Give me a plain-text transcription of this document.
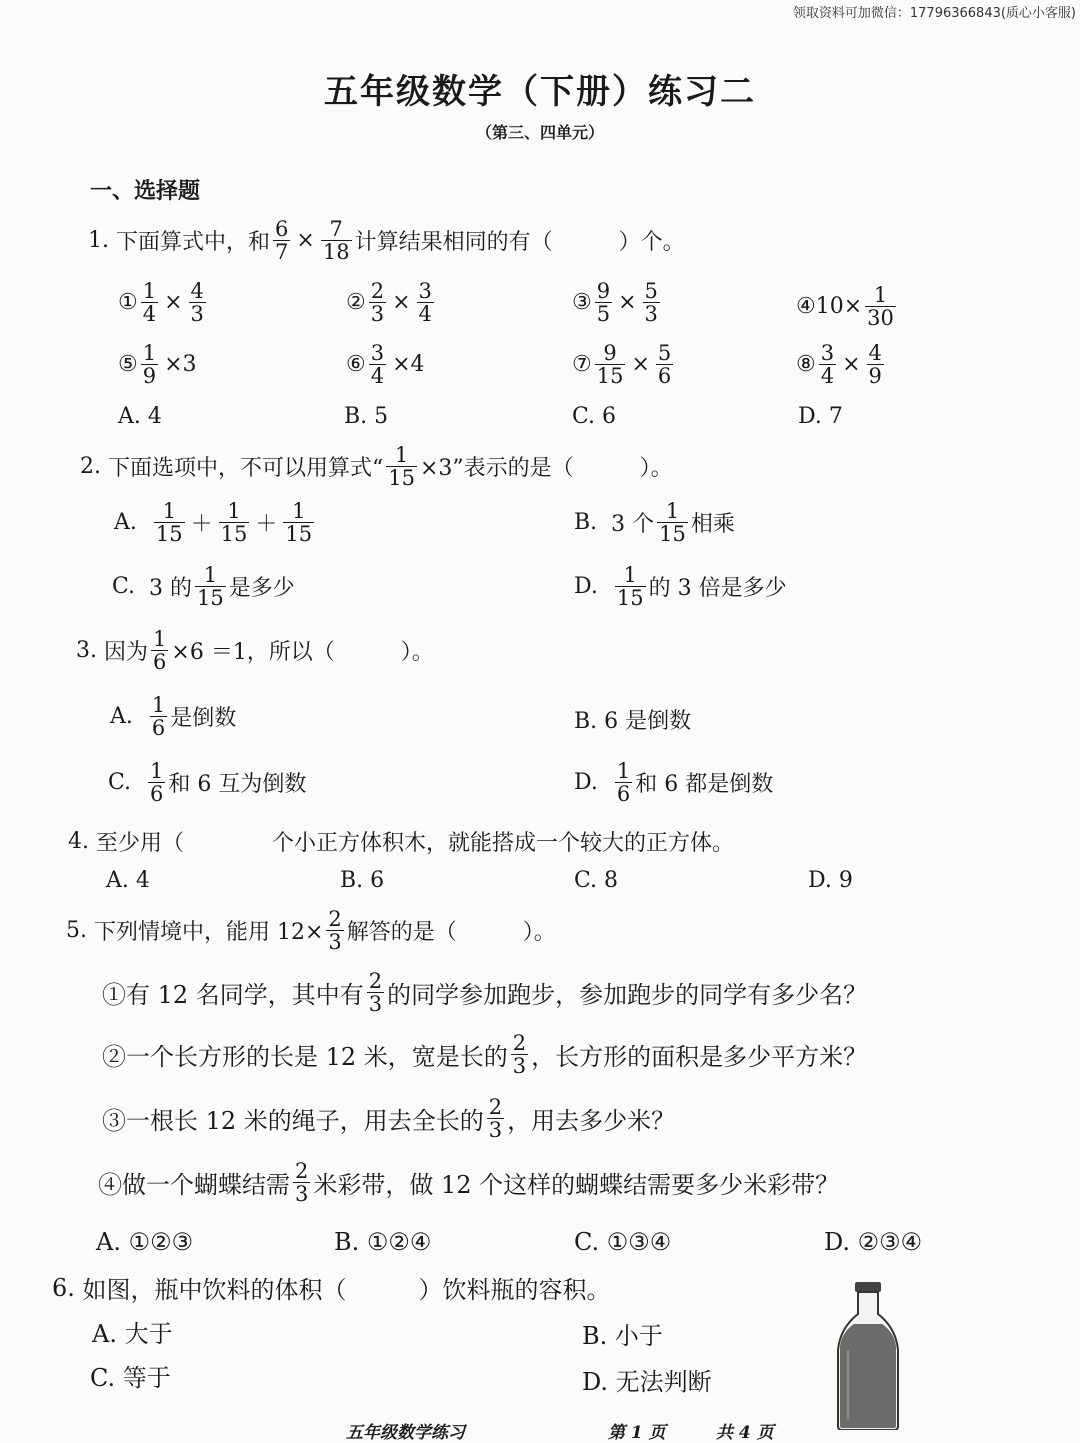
领取资料可加微信：17796366843(质心小客服)
五年级数学（下册）练习二
（第三、四单元）
一、选择题
1.
下面算式中，和 $\frac{6}{7} \times \frac{7}{18}$ 计算结果相同的有（　　　）个。
① $\frac{1}{4} \times \frac{4}{3}$	② $\frac{2}{3} \times \frac{3}{4}$	③ $\frac{9}{5} \times \frac{5}{3}$	④ $10\times \frac{1}{30}$
⑤ $\frac{1}{9} \times 3$	⑥ $\frac{3}{4} \times 4$	⑦ $\frac{9}{15} \times \frac{5}{6}$	⑧ $\frac{3}{4} \times \frac{4}{9}$
A. 4	B. 5	C. 6	D. 7
2.
下面选项中，不可以用算式“ $\frac{1}{15} \times 3$”表示的是（　　　）。
A.
$\frac{1}{15} + \frac{1}{15} + \frac{1}{15}$	B.
3 个 $\frac{1}{15}$ 相乘
C.
3 的 $\frac{1}{15}$ 是多少	D.
$\frac{1}{15}$ 的 3 倍是多少
3.
因为 $\frac{1}{6} \times 6 =1$，所以（　　　）。
A.
$\frac{1}{6}$ 是倒数	B. 6 是倒数
C.
$\frac{1}{6}$ 和 6 互为倒数	D.
$\frac{1}{6}$ 和 6 都是倒数
4.
至少用（　　　　个小正方体积木，就能搭成一个较大的正方体。
A. 4	B. 6	C. 8	D. 9
5.
下列情境中，能用 $12\times \frac{2}{3}$ 解答的是（　　　）。
①有 12 名同学，其中有 $\frac{2}{3}$ 的同学参加跑步，参加跑步的同学有多少名？
②一个长方形的长是 12 米，宽是长的 $\frac{2}{3}$ ，长方形的面积是多少平方米？
③一根长 12 米的绳子，用去全长的 $\frac{2}{3}$ ，用去多少米？
④做一个蝴蝶结需 $\frac{2}{3}$ 米彩带，做 12 个这样的蝴蝶结需要多少米彩带？
A. ①②③	B. ①②④	C. ①③④	D. ②③④
6.
如图，瓶中饮料的体积（　　　）饮料瓶的容积。
A. 大于	B. 小于
C. 等于	D. 无法判断
五年级数学练习	第 1 页	共 4 页
